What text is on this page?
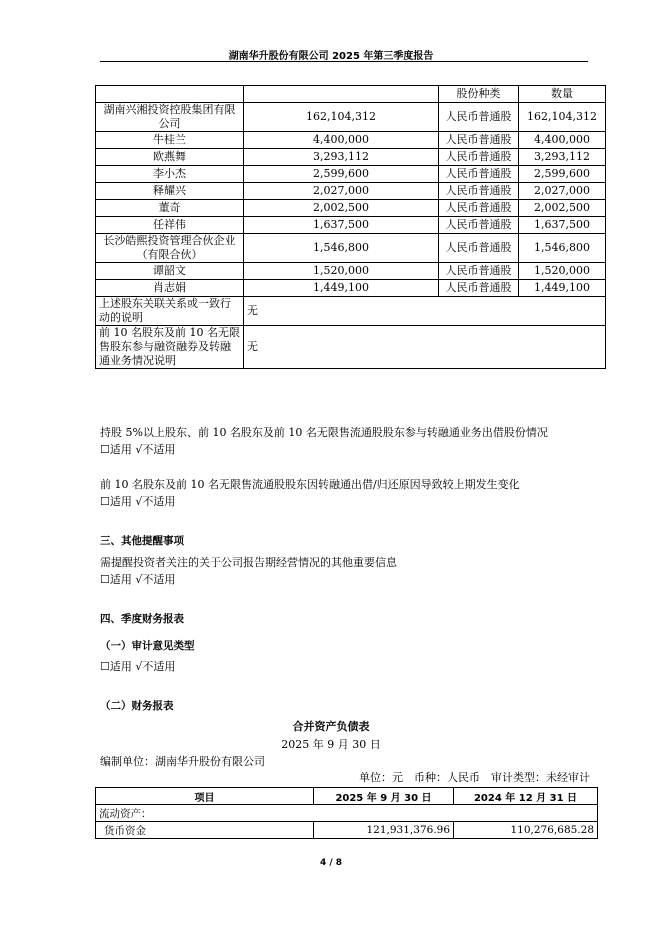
湖南华升股份有限公司 2025 年第三季度报告
		股份种类	数量
湖南兴湘投资控股集团有限公司	162,104,312	人民币普通股	162,104,312
牛桂兰	4,400,000	人民币普通股	4,400,000
欧燕舞	3,293,112	人民币普通股	3,293,112
李小杰	2,599,600	人民币普通股	2,599,600
释耀兴	2,027,000	人民币普通股	2,027,000
董奇	2,002,500	人民币普通股	2,002,500
任祥伟	1,637,500	人民币普通股	1,637,500
长沙皓熙投资管理合伙企业（有限合伙）	1,546,800	人民币普通股	1,546,800
谭韶文	1,520,000	人民币普通股	1,520,000
肖志娟	1,449,100	人民币普通股	1,449,100
上述股东关联关系或一致行动的说明	无		
前 10 名股东及前 10 名无限售股东参与融资融券及转融通业务情况说明	无		
持股 5%以上股东、前 10 名股东及前 10 名无限售流通股股东参与转融通业务出借股份情况
☐适用 √不适用
前 10 名股东及前 10 名无限售流通股股东因转融通出借/归还原因导致较上期发生变化
☐适用 √不适用
三、其他提醒事项
需提醒投资者关注的关于公司报告期经营情况的其他重要信息
☐适用 √不适用
四、季度财务报表
（一）审计意见类型
☐适用 √不适用
（二）财务报表
合并资产负债表
2025 年 9 月 30 日
编制单位：湖南华升股份有限公司
单位：元　币种：人民币　审计类型：未经审计
项目	2025 年 9 月 30 日	2024 年 12 月 31 日
流动资产：		
货币资金	121,931,376.96	110,276,685.28
4 / 8
